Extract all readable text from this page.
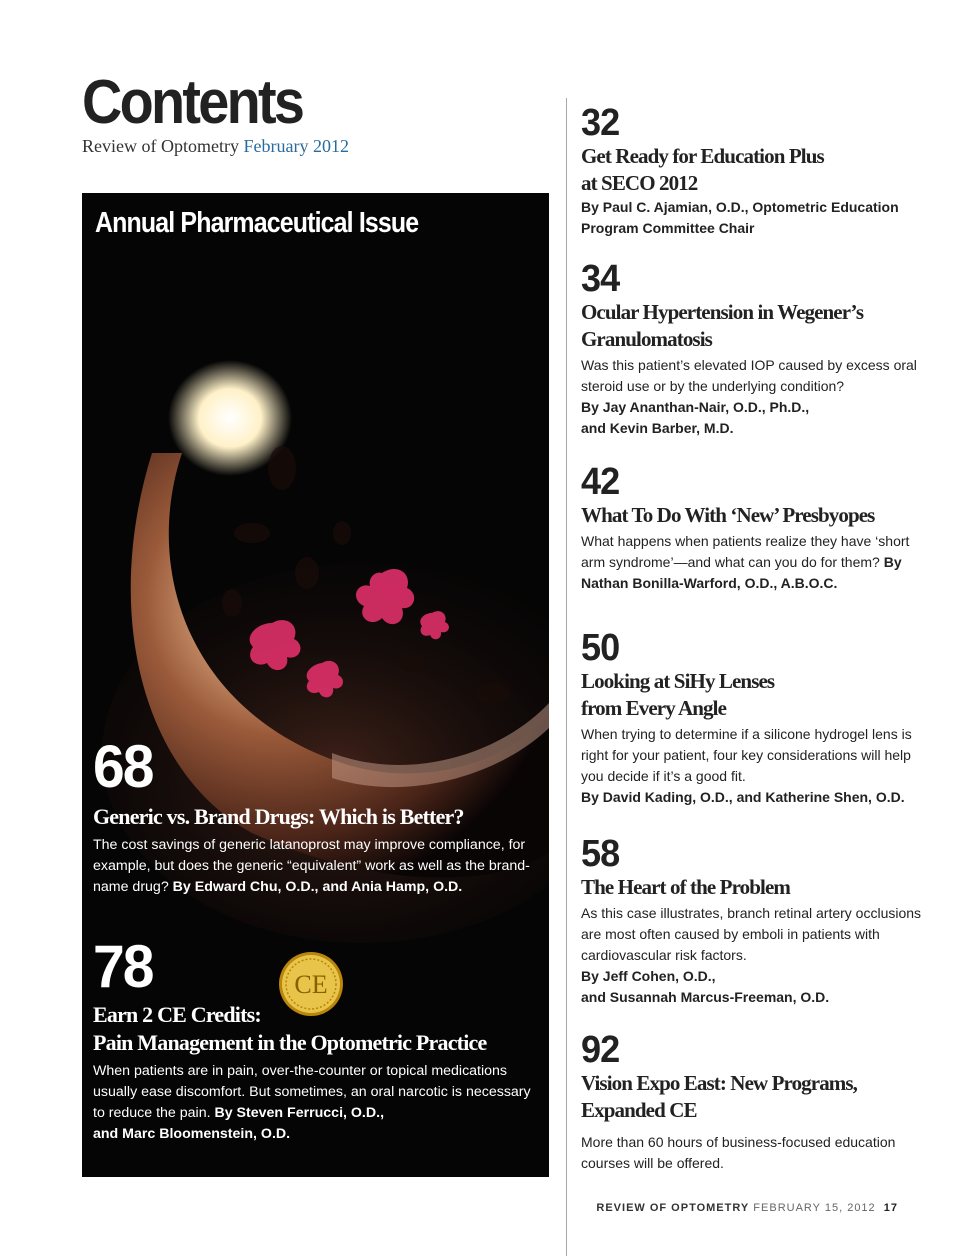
Contents
Review of Optometry February 2012
Annual Pharmaceutical Issue
68
Generic vs. Brand Drugs: Which is Better?
The cost savings of generic latanoprost may improve compliance, for example, but does the generic “equivalent” work as well as the brand-name drug? By Edward Chu, O.D., and Ania Hamp, O.D.
CE
78
Earn 2 CE Credits:
Pain Management in the Optometric Practice
When patients are in pain, over-the-counter or topical medications usually ease discomfort. But sometimes, an oral narcotic is necessary to reduce the pain. By Steven Ferrucci, O.D.,
and Marc Bloomenstein, O.D.
32
Get Ready for Education Plus
at SECO 2012
By Paul C. Ajamian, O.D., Optometric Education Program Committee Chair
34
Ocular Hypertension in Wegener’s
Granulomatosis
Was this patient’s elevated IOP caused by excess oral steroid use or by the underlying condition?
By Jay Ananthan-Nair, O.D., Ph.D.,
and Kevin Barber, M.D.
42
What To Do With ‘New’ Presbyopes
What happens when patients realize they have ‘short arm syndrome’—and what can you do for them? By Nathan Bonilla-Warford, O.D., A.B.O.C.
50
Looking at SiHy Lenses
from Every Angle
When trying to determine if a silicone hydrogel lens is right for your patient, four key considerations will help you decide if it’s a good fit.
By David Kading, O.D., and Katherine Shen, O.D.
58
The Heart of the Problem
As this case illustrates, branch retinal artery occlusions are most often caused by emboli in patients with cardiovascular risk factors.
By Jeff Cohen, O.D.,
and Susannah Marcus-Freeman, O.D.
92
Vision Expo East: New Programs,
Expanded CE
More than 60 hours of business-focused education courses will be offered.
REVIEW OF OPTOMETRY FEBRUARY 15, 2012 17
